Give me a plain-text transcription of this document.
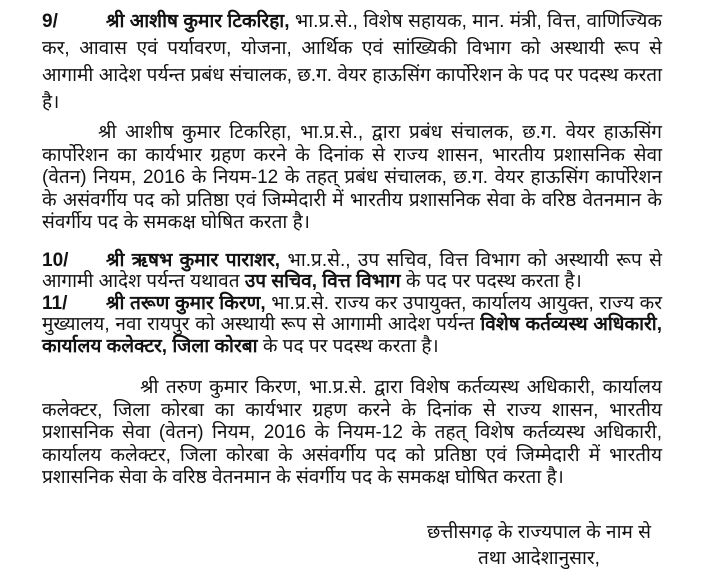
9/	श्री आशीष कुमार टिकरिहा, भा.प्र.से., विशेष सहायक, मान. मंत्री, वित्त, वाणिज्यिक कर, आवास एवं पर्यावरण, योजना, आर्थिक एवं सांख्यिकी विभाग को अस्थायी रूप से आगामी आदेश पर्यन्त प्रबंध संचालक, छ.ग. वेयर हाऊसिंग कार्पोरेशन के पद पर पदस्थ करता है।

श्री आशीष कुमार टिकरिहा, भा.प्र.से., द्वारा प्रबंध संचालक, छ.ग. वेयर हाऊसिंग कार्पोरेशन का कार्यभार ग्रहण करने के दिनांक से राज्य शासन, भारतीय प्रशासनिक सेवा (वेतन) नियम, 2016 के नियम-12 के तहत् प्रबंध संचालक, छ.ग. वेयर हाऊसिंग कार्पोरेशन के असंवर्गीय पद को प्रतिष्ठा एवं जिम्मेदारी में भारतीय प्रशासनिक सेवा के वरिष्ठ वेतनमान के संवर्गीय पद के समकक्ष घोषित करता है।

10/ श्री ऋषभ कुमार पाराशर, भा.प्र.से., उप सचिव, वित्त विभाग को अस्थायी रूप से आगामी आदेश पर्यन्त यथावत उप सचिव, वित्त विभाग के पद पर पदस्थ करता है।

11/ श्री तरूण कुमार किरण, भा.प्र.से. राज्य कर उपायुक्त, कार्यालय आयुक्त, राज्य कर मुख्यालय, नवा रायपुर को अस्थायी रूप से आगामी आदेश पर्यन्त विशेष कर्तव्यस्थ अधिकारी, कार्यालय कलेक्टर, जिला कोरबा के पद पर पदस्थ करता है।

श्री तरुण कुमार किरण, भा.प्र.से. द्वारा विशेष कर्तव्यस्थ अधिकारी, कार्यालय कलेक्टर, जिला कोरबा का कार्यभार ग्रहण करने के दिनांक से राज्य शासन, भारतीय प्रशासनिक सेवा (वेतन) नियम, 2016 के नियम-12 के तहत् विशेष कर्तव्यस्थ अधिकारी, कार्यालय कलेक्टर, जिला कोरबा के असंवर्गीय पद को प्रतिष्ठा एवं जिम्मेदारी में भारतीय प्रशासनिक सेवा के वरिष्ठ वेतनमान के संवर्गीय पद के समकक्ष घोषित करता है।

छत्तीसगढ़ के राज्यपाल के नाम से
तथा आदेशानुसार,
